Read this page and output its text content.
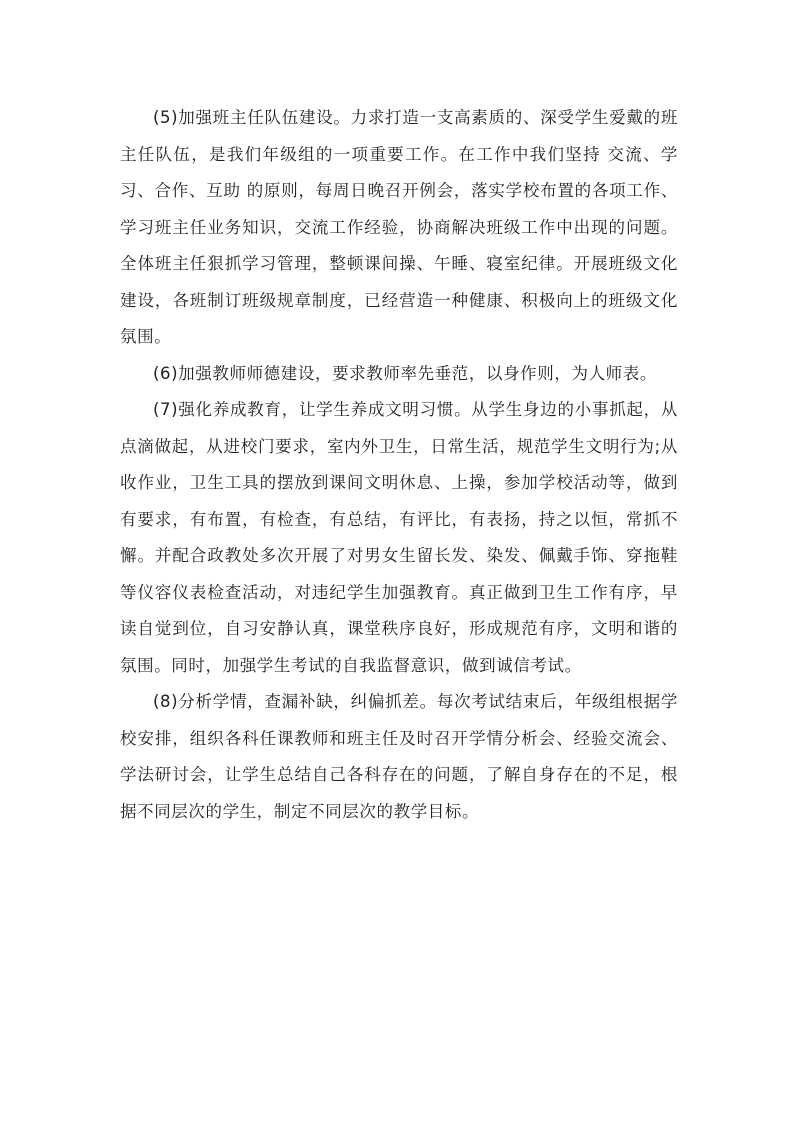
(5)加强班主任队伍建设。力求打造一支高素质的、深受学生爱戴的班主任队伍，是我们年级组的一项重要工作。在工作中我们坚持 交流、学习、合作、互助 的原则，每周日晚召开例会，落实学校布置的各项工作、学习班主任业务知识，交流工作经验，协商解决班级工作中出现的问题。全体班主任狠抓学习管理，整顿课间操、午睡、寝室纪律。开展班级文化建设，各班制订班级规章制度，已经营造一种健康、积极向上的班级文化氛围。

(6)加强教师师德建设，要求教师率先垂范，以身作则，为人师表。

(7)强化养成教育，让学生养成文明习惯。从学生身边的小事抓起，从点滴做起，从进校门要求，室内外卫生，日常生活，规范学生文明行为;从收作业，卫生工具的摆放到课间文明休息、上操，参加学校活动等，做到有要求，有布置，有检查，有总结，有评比，有表扬，持之以恒，常抓不懈。并配合政教处多次开展了对男女生留长发、染发、佩戴手饰、穿拖鞋等仪容仪表检查活动，对违纪学生加强教育。真正做到卫生工作有序，早读自觉到位，自习安静认真，课堂秩序良好，形成规范有序，文明和谐的氛围。同时，加强学生考试的自我监督意识，做到诚信考试。

(8)分析学情，查漏补缺，纠偏抓差。每次考试结束后，年级组根据学校安排，组织各科任课教师和班主任及时召开学情分析会、经验交流会、学法研讨会，让学生总结自己各科存在的问题，了解自身存在的不足，根据不同层次的学生，制定不同层次的教学目标。
